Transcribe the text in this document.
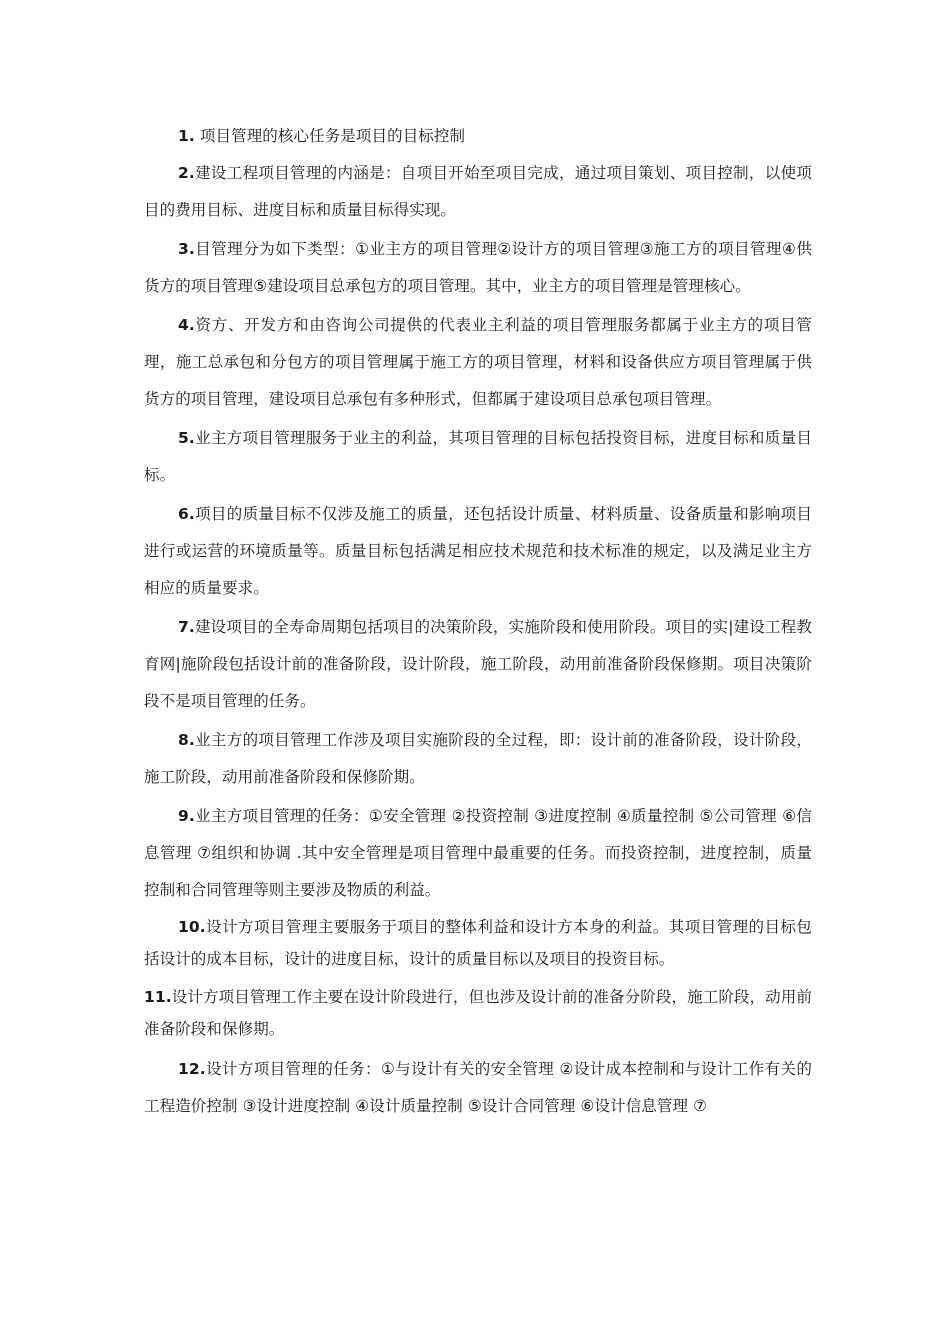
1. 项目管理的核心任务是项目的目标控制

2.建设工程项目管理的内涵是：自项目开始至项目完成，通过项目策划、项目控制，以使项目的费用目标、进度目标和质量目标得实现。

3.目管理分为如下类型：①业主方的项目管理②设计方的项目管理③施工方的项目管理④供货方的项目管理⑤建设项目总承包方的项目管理。其中，业主方的项目管理是管理核心。

4.资方、开发方和由咨询公司提供的代表业主利益的项目管理服务都属于业主方的项目管理，施工总承包和分包方的项目管理属于施工方的项目管理，材料和设备供应方项目管理属于供货方的项目管理，建设项目总承包有多种形式，但都属于建设项目总承包项目管理。

5.业主方项目管理服务于业主的利益，其项目管理的目标包括投资目标，进度目标和质量目标。

6.项目的质量目标不仅涉及施工的质量，还包括设计质量、材料质量、设备质量和影响项目进行或运营的环境质量等。质量目标包括满足相应技术规范和技术标准的规定，以及满足业主方相应的质量要求。

7.建设项目的全寿命周期包括项目的决策阶段，实施阶段和使用阶段。项目的实|建设工程教育网|施阶段包括设计前的准备阶段，设计阶段，施工阶段，动用前准备阶段保修期。项目决策阶段不是项目管理的任务。

8.业主方的项目管理工作涉及项目实施阶段的全过程，即：设计前的准备阶段，设计阶段，施工阶段，动用前准备阶段和保修阶期。

9.业主方项目管理的任务：①安全管理 ②投资控制 ③进度控制 ④质量控制 ⑤公司管理 ⑥信息管理 ⑦组织和协调 .其中安全管理是项目管理中最重要的任务。而投资控制，进度控制，质量控制和合同管理等则主要涉及物质的利益。

10.设计方项目管理主要服务于项目的整体利益和设计方本身的利益。其项目管理的目标包括设计的成本目标，设计的进度目标，设计的质量目标以及项目的投资目标。

11.设计方项目管理工作主要在设计阶段进行，但也涉及设计前的准备分阶段，施工阶段，动用前准备阶段和保修期。

12.设计方项目管理的任务：①与设计有关的安全管理 ②设计成本控制和与设计工作有关的工程造价控制 ③设计进度控制 ④设计质量控制 ⑤设计合同管理 ⑥设计信息管理 ⑦
